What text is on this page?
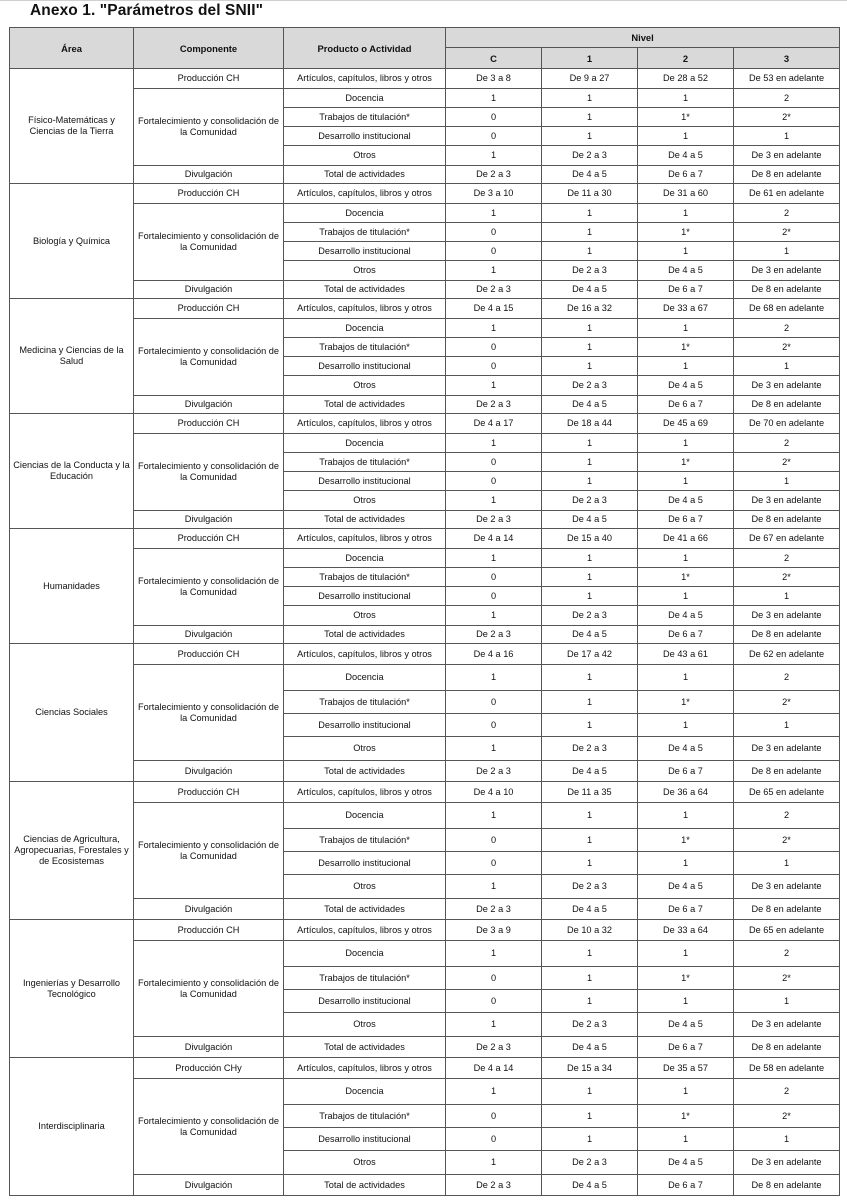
Anexo 1. "Parámetros del SNII"
Área	Componente	Producto o Actividad	Nivel			
			C	1	2	3
Físico-Matemáticas y Ciencias de la Tierra	Producción CH	Artículos, capítulos, libros y otros	De 3 a 8	De 9 a 27	De 28 a 52	De 53 en adelante
	Fortalecimiento y consolidación de la Comunidad	Docencia	1	1	1	2
		Trabajos de titulación*	0	1	1*	2*
		Desarrollo institucional	0	1	1	1
		Otros	1	De 2 a 3	De 4 a 5	De 3 en adelante
	Divulgación	Total de actividades	De 2 a 3	De 4 a 5	De 6 a 7	De 8 en adelante
Biología y Química	Producción CH	Artículos, capítulos, libros y otros	De 3 a 10	De 11 a 30	De 31 a 60	De 61 en adelante
	Fortalecimiento y consolidación de la Comunidad	Docencia	1	1	1	2
		Trabajos de titulación*	0	1	1*	2*
		Desarrollo institucional	0	1	1	1
		Otros	1	De 2 a 3	De 4 a 5	De 3 en adelante
	Divulgación	Total de actividades	De 2 a 3	De 4 a 5	De 6 a 7	De 8 en adelante
Medicina y Ciencias de la Salud	Producción CH	Artículos, capítulos, libros y otros	De 4 a 15	De 16 a 32	De 33 a 67	De 68 en adelante
	Fortalecimiento y consolidación de la Comunidad	Docencia	1	1	1	2
		Trabajos de titulación*	0	1	1*	2*
		Desarrollo institucional	0	1	1	1
		Otros	1	De 2 a 3	De 4 a 5	De 3 en adelante
	Divulgación	Total de actividades	De 2 a 3	De 4 a 5	De 6 a 7	De 8 en adelante
Ciencias de la Conducta y la Educación	Producción CH	Artículos, capítulos, libros y otros	De 4 a 17	De 18 a 44	De 45 a 69	De 70 en adelante
	Fortalecimiento y consolidación de la Comunidad	Docencia	1	1	1	2
		Trabajos de titulación*	0	1	1*	2*
		Desarrollo institucional	0	1	1	1
		Otros	1	De 2 a 3	De 4 a 5	De 3 en adelante
	Divulgación	Total de actividades	De 2 a 3	De 4 a 5	De 6 a 7	De 8 en adelante
Humanidades	Producción CH	Artículos, capítulos, libros y otros	De 4 a 14	De 15 a 40	De 41 a 66	De 67 en adelante
	Fortalecimiento y consolidación de la Comunidad	Docencia	1	1	1	2
		Trabajos de titulación*	0	1	1*	2*
		Desarrollo institucional	0	1	1	1
		Otros	1	De 2 a 3	De 4 a 5	De 3 en adelante
	Divulgación	Total de actividades	De 2 a 3	De 4 a 5	De 6 a 7	De 8 en adelante
Ciencias Sociales	Producción CH	Artículos, capítulos, libros y otros	De 4 a 16	De 17 a 42	De 43 a 61	De 62 en adelante
	Fortalecimiento y consolidación de la Comunidad	Docencia	1	1	1	2
		Trabajos de titulación*	0	1	1*	2*
		Desarrollo institucional	0	1	1	1
		Otros	1	De 2 a 3	De 4 a 5	De 3 en adelante
	Divulgación	Total de actividades	De 2 a 3	De 4 a 5	De 6 a 7	De 8 en adelante
Ciencias de Agricultura, Agropecuarias, Forestales y de Ecosistemas	Producción CH	Artículos, capítulos, libros y otros	De 4 a 10	De 11 a 35	De 36 a 64	De 65 en adelante
	Fortalecimiento y consolidación de la Comunidad	Docencia	1	1	1	2
		Trabajos de titulación*	0	1	1*	2*
		Desarrollo institucional	0	1	1	1
		Otros	1	De 2 a 3	De 4 a 5	De 3 en adelante
	Divulgación	Total de actividades	De 2 a 3	De 4 a 5	De 6 a 7	De 8 en adelante
Ingenierías y Desarrollo Tecnológico	Producción CH	Artículos, capítulos, libros y otros	De 3 a 9	De 10 a 32	De 33 a 64	De 65 en adelante
	Fortalecimiento y consolidación de la Comunidad	Docencia	1	1	1	2
		Trabajos de titulación*	0	1	1*	2*
		Desarrollo institucional	0	1	1	1
		Otros	1	De 2 a 3	De 4 a 5	De 3 en adelante
	Divulgación	Total de actividades	De 2 a 3	De 4 a 5	De 6 a 7	De 8 en adelante
Interdisciplinaria	Producción CHy	Artículos, capítulos, libros y otros	De 4 a 14	De 15 a 34	De 35 a 57	De 58 en adelante
	Fortalecimiento y consolidación de la Comunidad	Docencia	1	1	1	2
		Trabajos de titulación*	0	1	1*	2*
		Desarrollo institucional	0	1	1	1
		Otros	1	De 2 a 3	De 4 a 5	De 3 en adelante
	Divulgación	Total de actividades	De 2 a 3	De 4 a 5	De 6 a 7	De 8 en adelante
